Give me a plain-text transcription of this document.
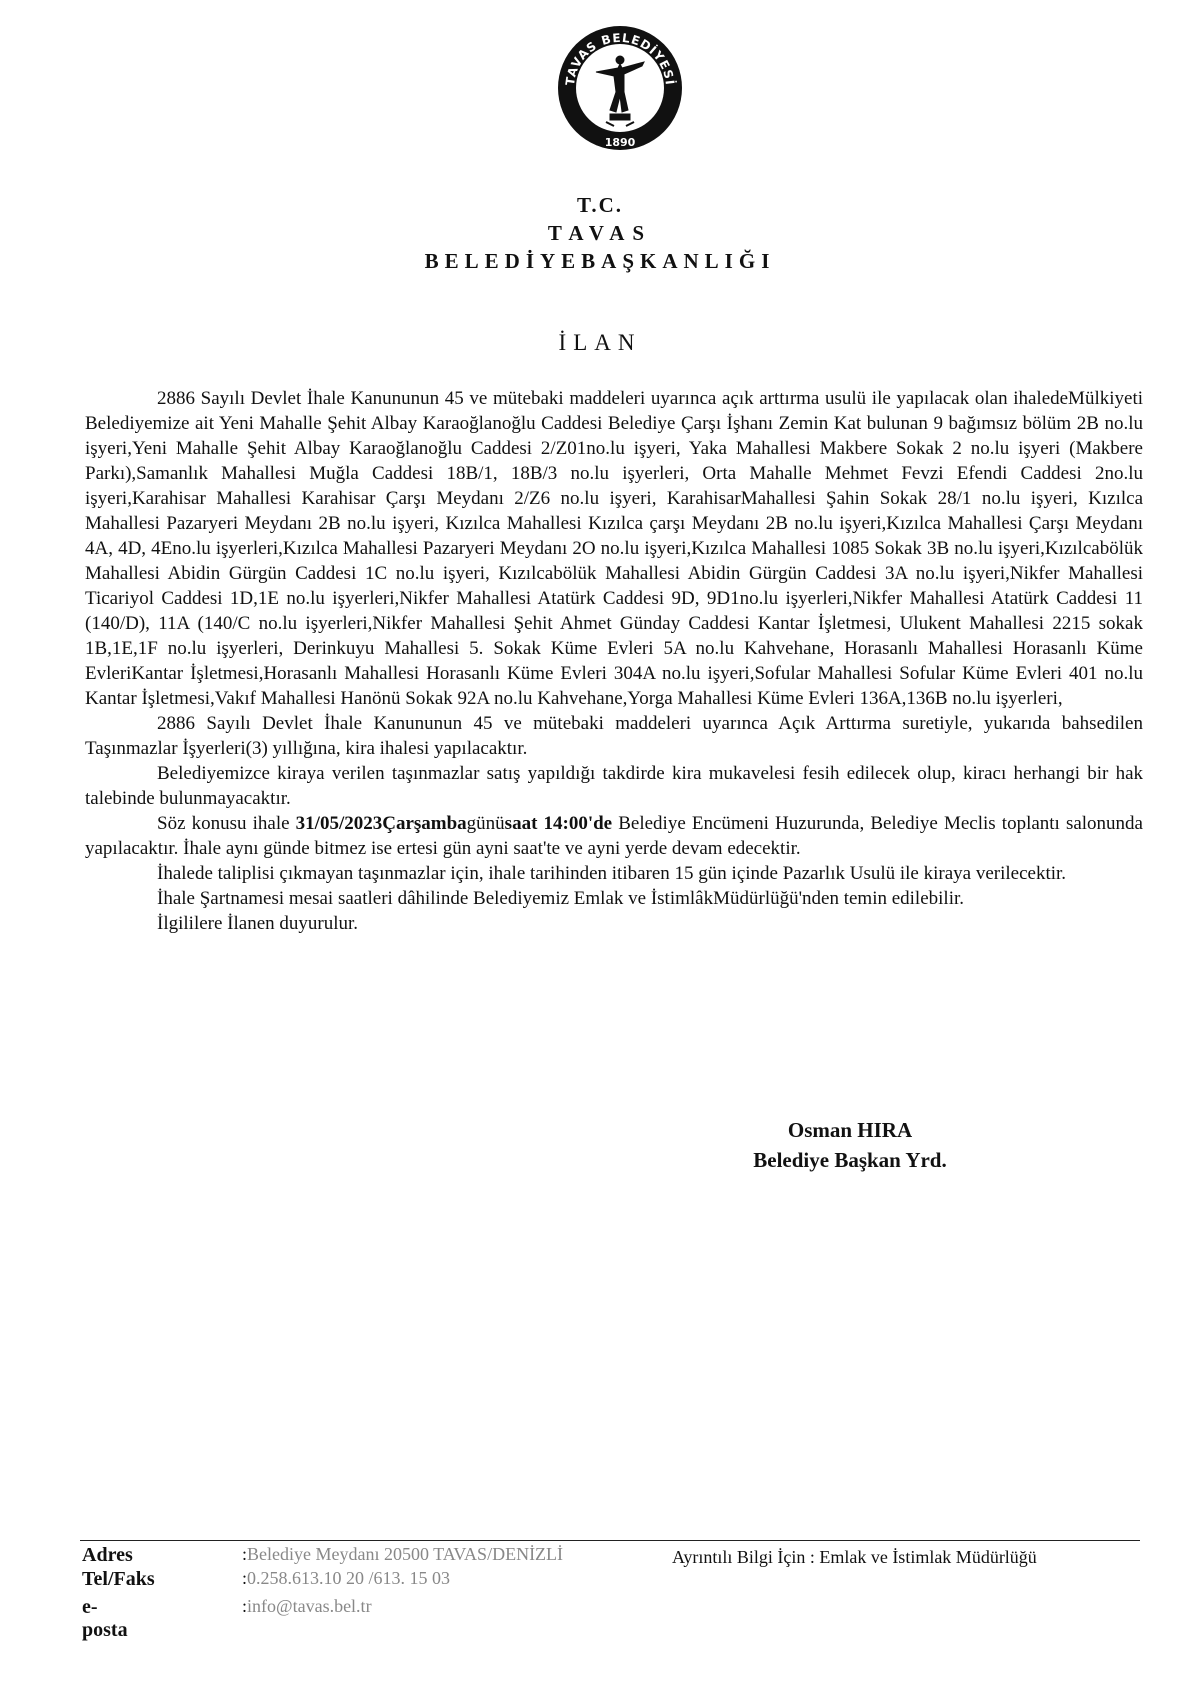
TAVAS BELEDİYESİ
1890
T.C.
TAVAS
BELEDİYEBAŞKANLIĞI
İLAN

2886 Sayılı Devlet İhale Kanununun 45 ve mütebaki maddeleri uyarınca açık arttırma usulü ile yapılacak olan ihaledeMülkiyeti Belediyemize ait Yeni Mahalle Şehit Albay Karaoğlanoğlu Caddesi Belediye Çarşı İşhanı Zemin Kat bulunan 9 bağımsız bölüm 2B no.lu işyeri,Yeni Mahalle Şehit Albay Karaoğlanoğlu Caddesi 2/Z01no.lu işyeri, Yaka Mahallesi Makbere Sokak 2 no.lu işyeri (Makbere Parkı),Samanlık Mahallesi Muğla Caddesi 18B/1, 18B/3 no.lu işyerleri, Orta Mahalle Mehmet Fevzi Efendi Caddesi 2no.lu işyeri,Karahisar Mahallesi Karahisar Çarşı Meydanı 2/Z6 no.lu işyeri, KarahisarMahallesi Şahin Sokak 28/1 no.lu işyeri, Kızılca Mahallesi Pazaryeri Meydanı 2B no.lu işyeri, Kızılca Mahallesi Kızılca çarşı Meydanı 2B no.lu işyeri,Kızılca Mahallesi Çarşı Meydanı 4A, 4D, 4Eno.lu işyerleri,Kızılca Mahallesi Pazaryeri Meydanı 2O no.lu işyeri,Kızılca Mahallesi 1085 Sokak 3B no.lu işyeri,Kızılcabölük Mahallesi Abidin Gürgün Caddesi 1C no.lu işyeri, Kızılcabölük Mahallesi Abidin Gürgün Caddesi 3A no.lu işyeri,Nikfer Mahallesi Ticariyol Caddesi 1D,1E no.lu işyerleri,Nikfer Mahallesi Atatürk Caddesi 9D, 9D1no.lu işyerleri,Nikfer Mahallesi Atatürk Caddesi 11 (140/D), 11A (140/C no.lu işyerleri,Nikfer Mahallesi Şehit Ahmet Günday Caddesi Kantar İşletmesi, Ulukent Mahallesi 2215 sokak 1B,1E,1F no.lu işyerleri, Derinkuyu Mahallesi 5. Sokak Küme Evleri 5A no.lu Kahvehane, Horasanlı Mahallesi Horasanlı Küme EvleriKantar İşletmesi,Horasanlı Mahallesi Horasanlı Küme Evleri 304A no.lu işyeri,Sofular Mahallesi Sofular Küme Evleri 401 no.lu Kantar İşletmesi,Vakıf Mahallesi Hanönü Sokak 92A no.lu Kahvehane,Yorga Mahallesi Küme Evleri 136A,136B no.lu işyerleri,

2886 Sayılı Devlet İhale Kanununun 45 ve mütebaki maddeleri uyarınca Açık Arttırma suretiyle, yukarıda bahsedilen Taşınmazlar İşyerleri(3) yıllığına, kira ihalesi yapılacaktır.

Belediyemizce kiraya verilen taşınmazlar satış yapıldığı takdirde kira mukavelesi fesih edilecek olup, kiracı herhangi bir hak talebinde bulunmayacaktır.

Söz konusu ihale 31/05/2023Çarşambagünüsaat 14:00'de Belediye Encümeni Huzurunda, Belediye Meclis toplantı salonunda yapılacaktır. İhale aynı günde bitmez ise ertesi gün ayni saat'te ve ayni yerde devam edecektir.

İhalede taliplisi çıkmayan taşınmazlar için, ihale tarihinden itibaren 15 gün içinde Pazarlık Usulü ile kiraya verilecektir.

İhale Şartnamesi mesai saatleri dâhilinde Belediyemiz Emlak ve İstimlâkMüdürlüğü'nden temin edilebilir.

İlgililere İlanen duyurulur.

Osman HIRA
Belediye Başkan Yrd.
Adres	:Belediye Meydanı 20500 TAVAS/DENİZLİ
Tel/Faks	:0.258.613.10 20 /613. 15 03
e-posta
:info@tavas.bel.tr
Ayrıntılı Bilgi İçin : Emlak ve İstimlak Müdürlüğü
